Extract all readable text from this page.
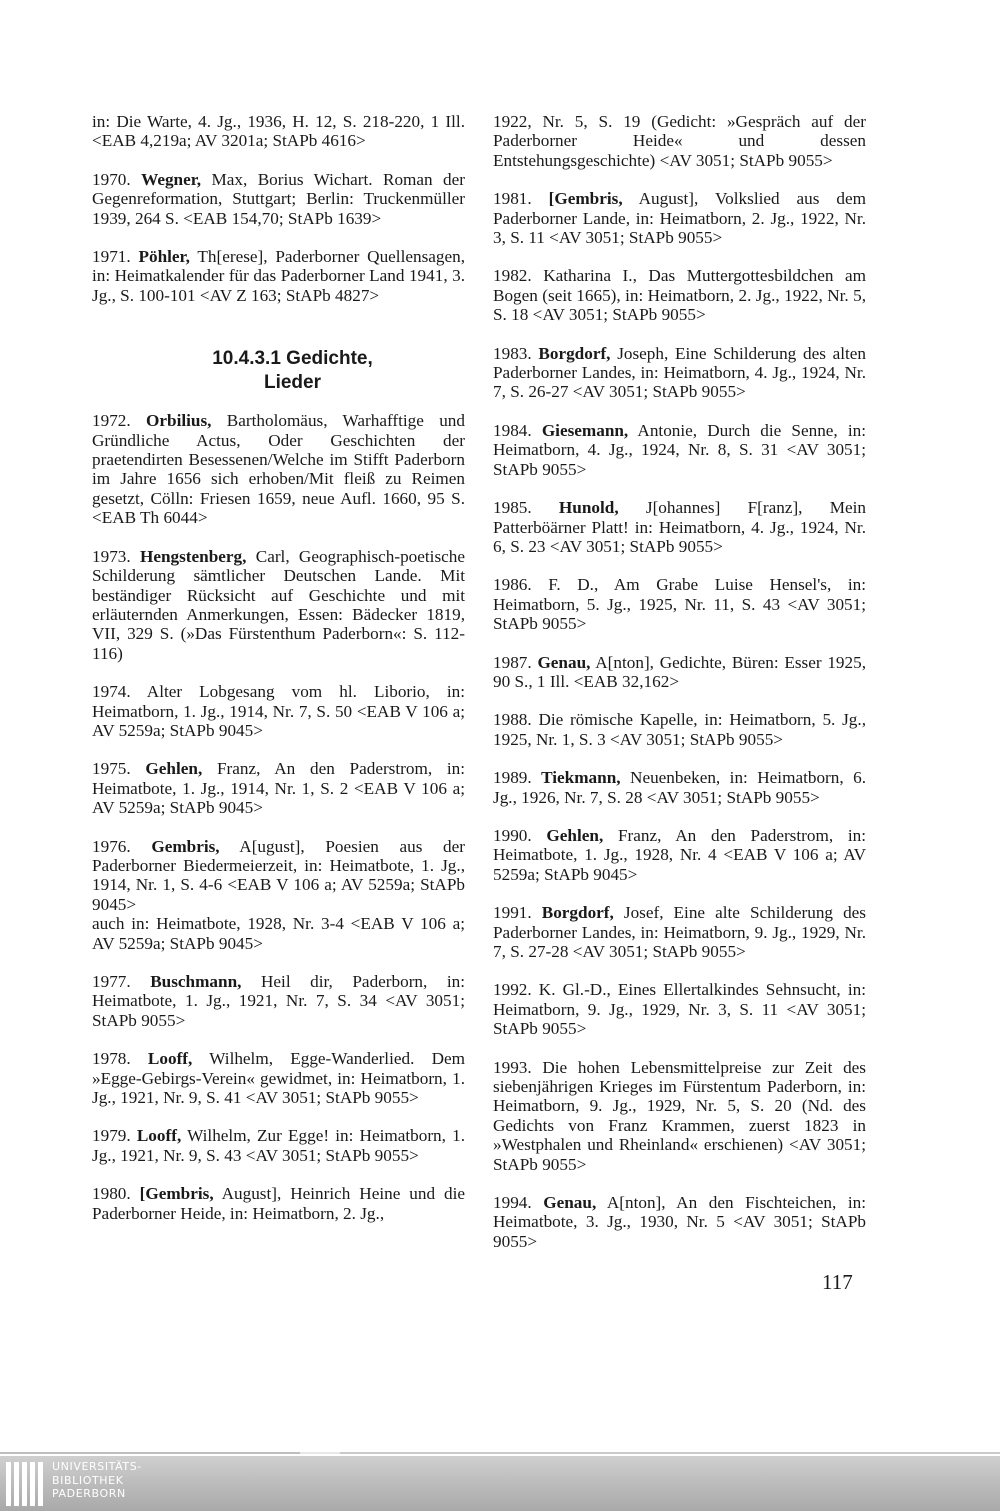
in: Die Warte, 4. Jg., 1936, H. 12, S. 218-220, 1 Ill. <EAB 4,219a; AV 3201a; StAPb 4616>

1970. Wegner, Max, Borius Wichart. Roman der Gegenreformation, Stuttgart; Berlin: Truckenmüller 1939, 264 S. <EAB 154,70; StAPb 1639>

1971. Pöhler, Th[erese], Paderborner Quellensagen, in: Heimatkalender für das Paderborner Land 1941, 3. Jg., S. 100-101 <AV Z 163; StAPb 4827>

10.4.3.1 Gedichte,
Lieder

1972. Orbilius, Bartholomäus, Warhafftige und Gründliche Actus, Oder Geschichten der praetendirten Besessenen/Welche im Stifft Paderborn im Jahre 1656 sich erhoben/Mit fleiß zu Reimen gesetzt, Cölln: Friesen 1659, neue Aufl. 1660, 95 S. <EAB Th 6044>

1973. Hengstenberg, Carl, Geographisch-poetische Schilderung sämtlicher Deutschen Lande. Mit beständiger Rücksicht auf Geschichte und mit erläuternden Anmerkungen, Essen: Bädecker 1819, VII, 329 S. (»Das Fürstenthum Paderborn«: S. 112-116)

1974. Alter Lobgesang vom hl. Liborio, in: Heimatborn, 1. Jg., 1914, Nr. 7, S. 50 <EAB V 106 a; AV 5259a; StAPb 9045>

1975. Gehlen, Franz, An den Paderstrom, in: Heimatbote, 1. Jg., 1914, Nr. 1, S. 2 <EAB V 106 a; AV 5259a; StAPb 9045>

1976. Gembris, A[ugust], Poesien aus der Paderborner Biedermeierzeit, in: Heimatbote, 1. Jg., 1914, Nr. 1, S. 4-6 <EAB V 106 a; AV 5259a; StAPb 9045>
auch in: Heimatbote, 1928, Nr. 3-4 <EAB V 106 a; AV 5259a; StAPb 9045>

1977. Buschmann, Heil dir, Paderborn, in: Heimatbote, 1. Jg., 1921, Nr. 7, S. 34 <AV 3051; StAPb 9055>

1978. Looff, Wilhelm, Egge-Wanderlied. Dem »Egge-Gebirgs-Verein« gewidmet, in: Heimatborn, 1. Jg., 1921, Nr. 9, S. 41 <AV 3051; StAPb 9055>

1979. Looff, Wilhelm, Zur Egge! in: Heimatborn, 1. Jg., 1921, Nr. 9, S. 43 <AV 3051; StAPb 9055>

1980. [Gembris, August], Heinrich Heine und die Paderborner Heide, in: Heimatborn, 2. Jg.,

1922, Nr. 5, S. 19 (Gedicht: »Gespräch auf der Paderborner Heide« und dessen Entstehungsgeschichte) <AV 3051; StAPb 9055>

1981. [Gembris, August], Volkslied aus dem Paderborner Lande, in: Heimatborn, 2. Jg., 1922, Nr. 3, S. 11 <AV 3051; StAPb 9055>

1982. Katharina I., Das Muttergottesbildchen am Bogen (seit 1665), in: Heimatborn, 2. Jg., 1922, Nr. 5, S. 18 <AV 3051; StAPb 9055>

1983. Borgdorf, Joseph, Eine Schilderung des alten Paderborner Landes, in: Heimatborn, 4. Jg., 1924, Nr. 7, S. 26-27 <AV 3051; StAPb 9055>

1984. Giesemann, Antonie, Durch die Senne, in: Heimatborn, 4. Jg., 1924, Nr. 8, S. 31 <AV 3051; StAPb 9055>

1985. Hunold, J[ohannes] F[ranz], Mein Patterböärner Platt! in: Heimatborn, 4. Jg., 1924, Nr. 6, S. 23 <AV 3051; StAPb 9055>

1986. F. D., Am Grabe Luise Hensel's, in: Heimatborn, 5. Jg., 1925, Nr. 11, S. 43 <AV 3051; StAPb 9055>

1987. Genau, A[nton], Gedichte, Büren: Esser 1925, 90 S., 1 Ill. <EAB 32,162>

1988. Die römische Kapelle, in: Heimatborn, 5. Jg., 1925, Nr. 1, S. 3 <AV 3051; StAPb 9055>

1989. Tiekmann, Neuenbeken, in: Heimatborn, 6. Jg., 1926, Nr. 7, S. 28 <AV 3051; StAPb 9055>

1990. Gehlen, Franz, An den Paderstrom, in: Heimatbote, 1. Jg., 1928, Nr. 4 <EAB V 106 a; AV 5259a; StAPb 9045>

1991. Borgdorf, Josef, Eine alte Schilderung des Paderborner Landes, in: Heimatborn, 9. Jg., 1929, Nr. 7, S. 27-28 <AV 3051; StAPb 9055>

1992. K. Gl.-D., Eines Ellertalkindes Sehnsucht, in: Heimatborn, 9. Jg., 1929, Nr. 3, S. 11 <AV 3051; StAPb 9055>

1993. Die hohen Lebensmittelpreise zur Zeit des siebenjährigen Krieges im Fürstentum Paderborn, in: Heimatborn, 9. Jg., 1929, Nr. 5, S. 20 (Nd. des Gedichts von Franz Krammen, zuerst 1823 in »Westphalen und Rheinland« erschienen) <AV 3051; StAPb 9055>

1994. Genau, A[nton], An den Fischteichen, in: Heimatbote, 3. Jg., 1930, Nr. 5 <AV 3051; StAPb 9055>

117
UNIVERSITÄTS-
BIBLIOTHEK
PADERBORN
